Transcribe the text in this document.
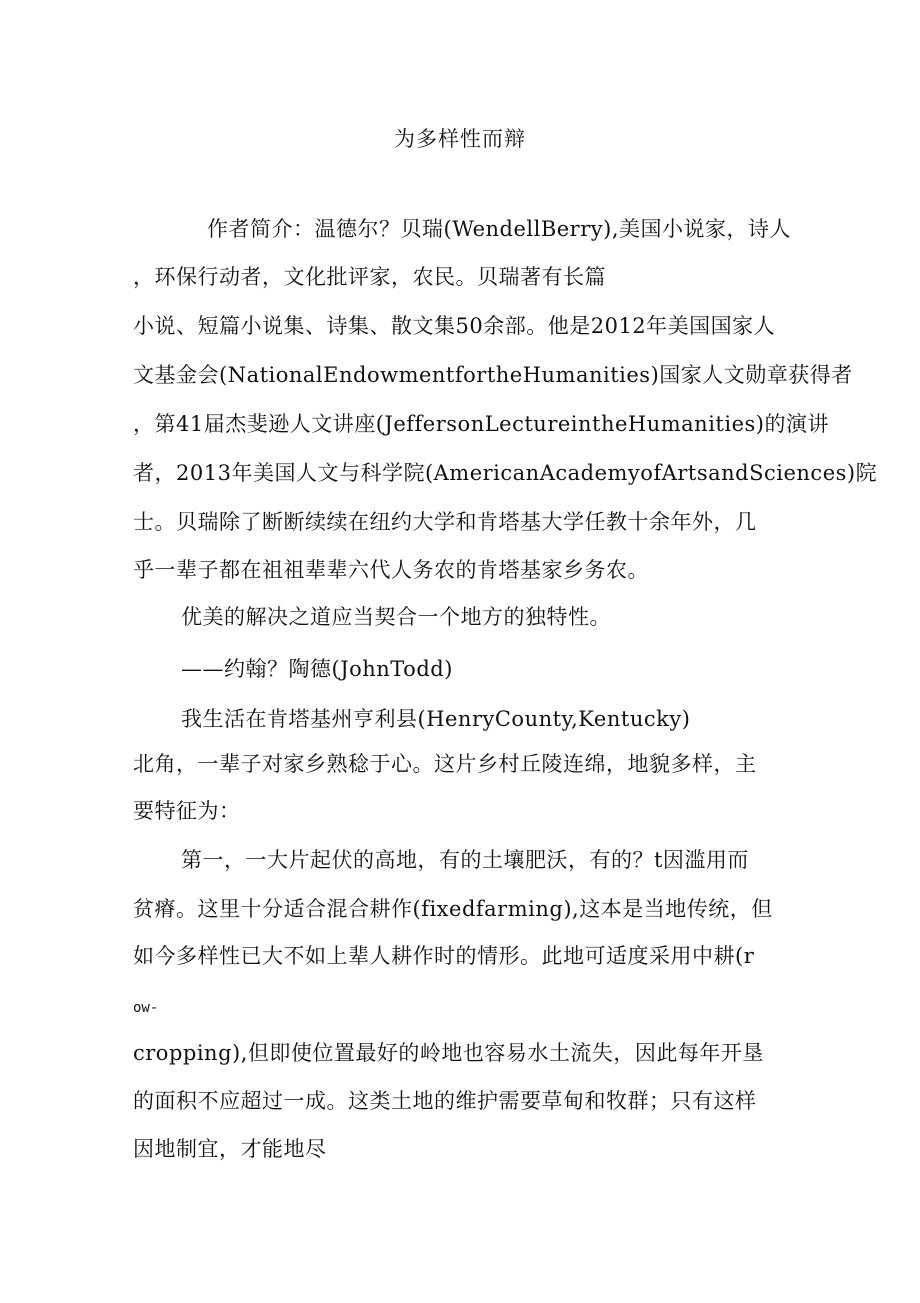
为多样性而辩
作者简介：温德尔？贝瑞(WendellBerry),美国小说家，诗人
，环保行动者，文化批评家，农民。贝瑞著有长篇
小说、短篇小说集、诗集、散文集50余部。他是2012年美国国家人
文基金会(NationalEndowmentfortheHumanities)国家人文勋章获得者
，第41届杰斐逊人文讲座(JeffersonLectureintheHumanities)的演讲
者，2013年美国人文与科学院(AmericanAcademyofArtsandSciences)院
士。贝瑞除了断断续续在纽约大学和肯塔基大学任教十余年外，几
乎一辈子都在祖祖辈辈六代人务农的肯塔基家乡务农。
优美的解决之道应当契合一个地方的独特性。
——约翰？陶德(JohnTodd)
我生活在肯塔基州亨利县(HenryCounty,Kentucky)
北角，一辈子对家乡熟稔于心。这片乡村丘陵连绵，地貌多样，主
要特征为：
第一，一大片起伏的高地，有的土壤肥沃，有的？t因滥用而
贫瘠。这里十分适合混合耕作(fixedfarming),这本是当地传统，但
如今多样性已大不如上辈人耕作时的情形。此地可适度采用中耕(r
ow-
cropping),但即使位置最好的岭地也容易水土流失，因此每年开垦
的面积不应超过一成。这类土地的维护需要草甸和牧群；只有这样
因地制宜，才能地尽
